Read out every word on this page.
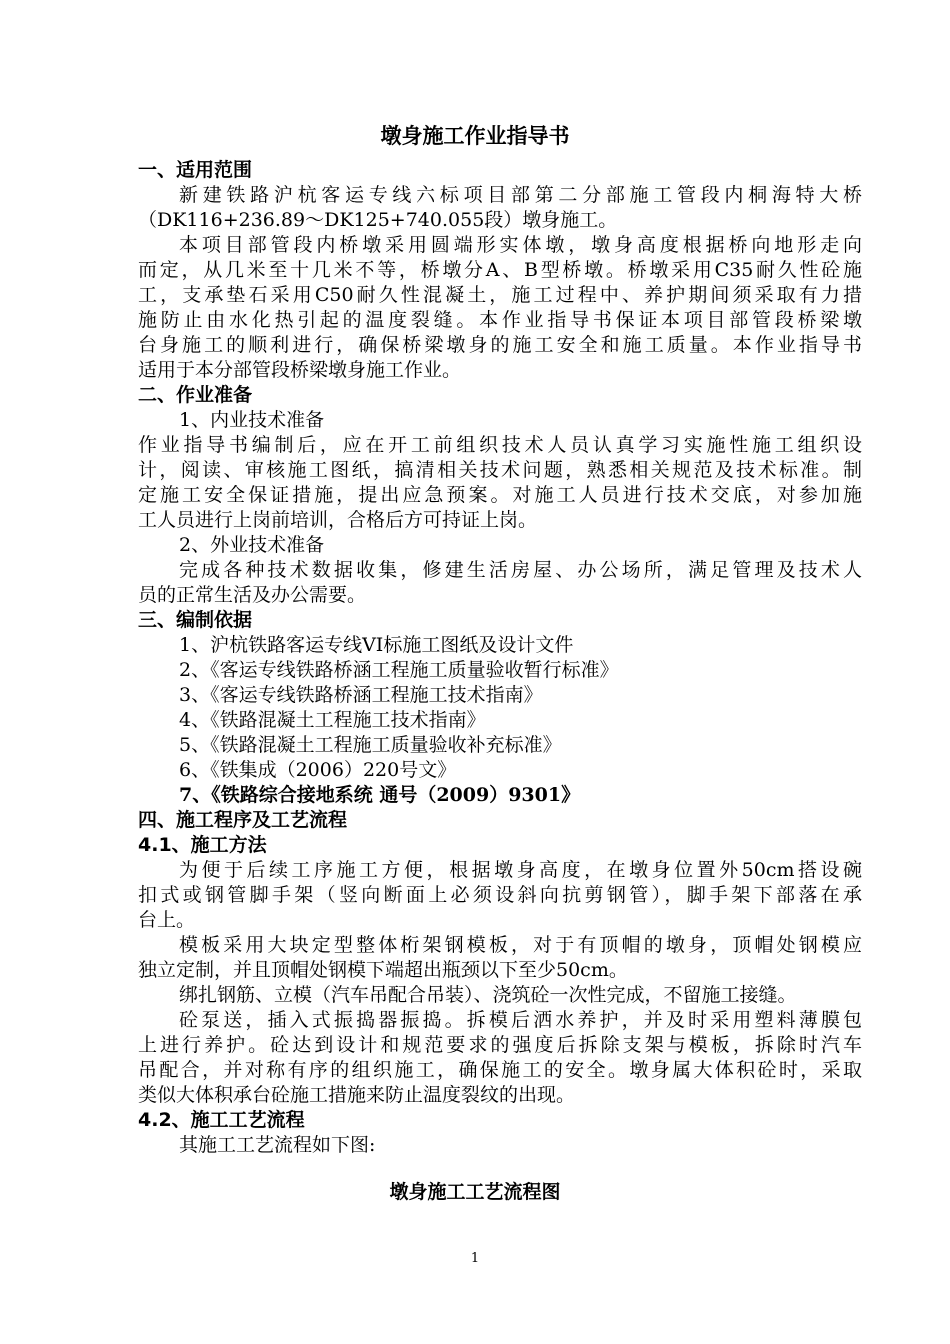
墩身施工作业指导书
一、适用范围
新建铁路沪杭客运专线六标项目部第二分部施工管段内桐海特大桥
（DK116+236.89～DK125+740.055段）墩身施工。
本项目部管段内桥墩采用圆端形实体墩，墩身高度根据桥向地形走向
而定，从几米至十几米不等，桥墩分A、B型桥墩。桥墩采用C35耐久性砼施
工，支承垫石采用C50耐久性混凝土，施工过程中、养护期间须采取有力措
施防止由水化热引起的温度裂缝。本作业指导书保证本项目部管段桥梁墩
台身施工的顺利进行，确保桥梁墩身的施工安全和施工质量。本作业指导书
适用于本分部管段桥梁墩身施工作业。
二、作业准备
1、内业技术准备
作业指导书编制后，应在开工前组织技术人员认真学习实施性施工组织设
计，阅读、审核施工图纸，搞清相关技术问题，熟悉相关规范及技术标准。制
定施工安全保证措施，提出应急预案。对施工人员进行技术交底，对参加施
工人员进行上岗前培训，合格后方可持证上岗。
2、外业技术准备
完成各种技术数据收集，修建生活房屋、办公场所，满足管理及技术人
员的正常生活及办公需要。
三、编制依据
1、沪杭铁路客运专线VI标施工图纸及设计文件
2、《客运专线铁路桥涵工程施工质量验收暂行标准》
3、《客运专线铁路桥涵工程施工技术指南》
4、《铁路混凝土工程施工技术指南》
5、《铁路混凝土工程施工质量验收补充标准》
6、《铁集成（2006）220号文》
7、《铁路综合接地系统 通号（2009）9301》
四、施工程序及工艺流程
4.1、施工方法
为便于后续工序施工方便，根据墩身高度，在墩身位置外50cm搭设碗
扣式或钢管脚手架（竖向断面上必须设斜向抗剪钢管），脚手架下部落在承
台上。
模板采用大块定型整体桁架钢模板，对于有顶帽的墩身，顶帽处钢模应
独立定制，并且顶帽处钢模下端超出瓶颈以下至少50cm。
绑扎钢筋、立模（汽车吊配合吊装）、浇筑砼一次性完成，不留施工接缝。
砼泵送，插入式振捣器振捣。拆模后洒水养护，并及时采用塑料薄膜包
上进行养护。砼达到设计和规范要求的强度后拆除支架与模板，拆除时汽车
吊配合，并对称有序的组织施工，确保施工的安全。墩身属大体积砼时，采取
类似大体积承台砼施工措施来防止温度裂纹的出现。
4.2、施工工艺流程
其施工工艺流程如下图:
墩身施工工艺流程图
1
